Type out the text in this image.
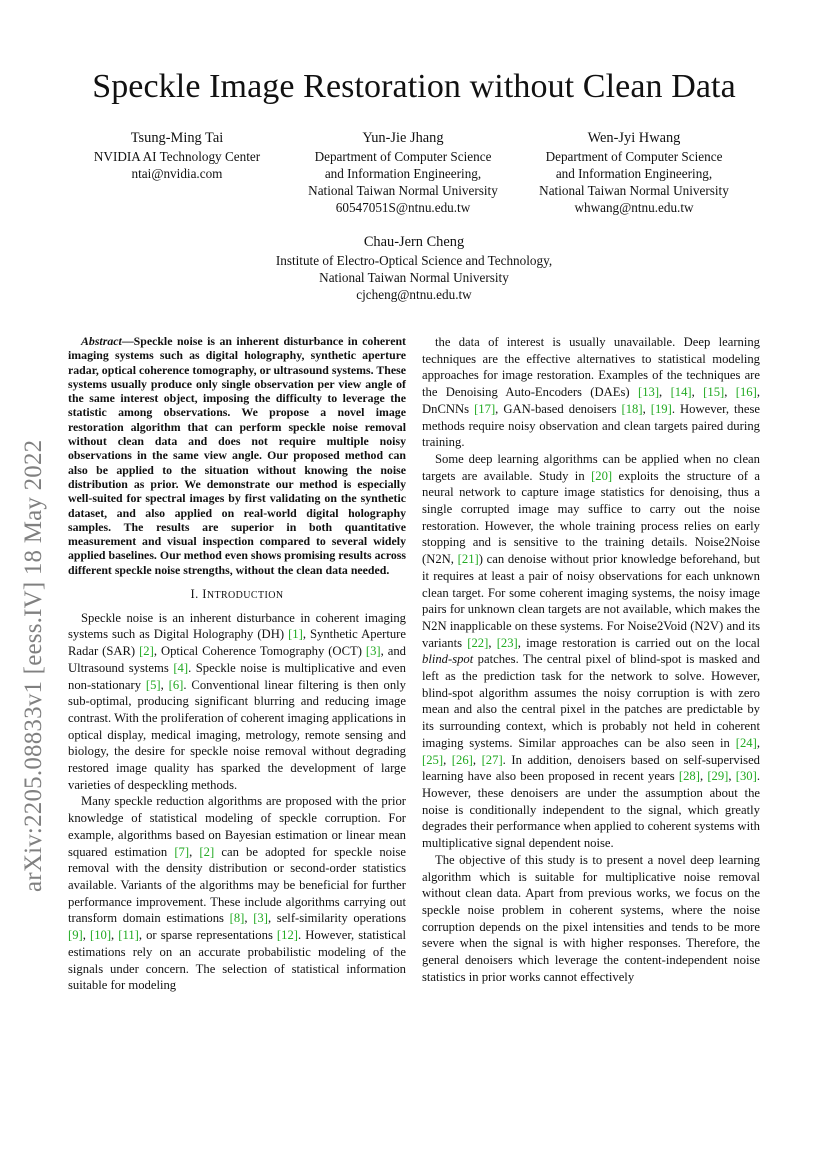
Speckle Image Restoration without Clean Data
Tsung-Ming Tai
NVIDIA AI Technology Center
ntai@nvidia.com
Yun-Jie Jhang
Department of Computer Science
and Information Engineering,
National Taiwan Normal University
60547051S@ntnu.edu.tw
Wen-Jyi Hwang
Department of Computer Science
and Information Engineering,
National Taiwan Normal University
whwang@ntnu.edu.tw
Chau-Jern Cheng
Institute of Electro-Optical Science and Technology,
National Taiwan Normal University
cjcheng@ntnu.edu.tw
arXiv:2205.08833v1 [eess.IV] 18 May 2022

Abstract—Speckle noise is an inherent disturbance in coherent imaging systems such as digital holography, synthetic aperture radar, optical coherence tomography, or ultrasound systems. These systems usually produce only single observation per view angle of the same interest object, imposing the difficulty to leverage the statistic among observations. We propose a novel image restoration algorithm that can perform speckle noise removal without clean data and does not require multiple noisy observations in the same view angle. Our proposed method can also be applied to the situation without knowing the noise distribution as prior. We demonstrate our method is especially well-suited for spectral images by first validating on the synthetic dataset, and also applied on real-world digital holography samples. The results are superior in both quantitative measurement and visual inspection compared to several widely applied baselines. Our method even shows promising results across different speckle noise strengths, without the clean data needed.

I. INTRODUCTION

Speckle noise is an inherent disturbance in coherent imaging systems such as Digital Holography (DH) [1], Synthetic Aperture Radar (SAR) [2], Optical Coherence Tomography (OCT) [3], and Ultrasound systems [4]. Speckle noise is multiplicative and even non-stationary [5], [6]. Conventional linear filtering is then only sub-optimal, producing significant blurring and reducing image contrast. With the proliferation of coherent imaging applications in optical display, medical imaging, metrology, remote sensing and biology, the desire for speckle noise removal without degrading restored image quality has sparked the development of large varieties of despeckling methods.

Many speckle reduction algorithms are proposed with the prior knowledge of statistical modeling of speckle corruption. For example, algorithms based on Bayesian estimation or linear mean squared estimation [7], [2] can be adopted for speckle noise removal with the density distribution or second-order statistics available. Variants of the algorithms may be beneficial for further performance improvement. These include algorithms carrying out transform domain estimations [8], [3], self-similarity operations [9], [10], [11], or sparse representations [12]. However, statistical estimations rely on an accurate probabilistic modeling of the signals under concern. The selection of statistical information suitable for modeling

the data of interest is usually unavailable. Deep learning techniques are the effective alternatives to statistical modeling approaches for image restoration. Examples of the techniques are the Denoising Auto-Encoders (DAEs) [13], [14], [15], [16], DnCNNs [17], GAN-based denoisers [18], [19]. However, these methods require noisy observation and clean targets paired during training.

Some deep learning algorithms can be applied when no clean targets are available. Study in [20] exploits the structure of a neural network to capture image statistics for denoising, thus a single corrupted image may suffice to carry out the noise restoration. However, the whole training process relies on early stopping and is sensitive to the training details. Noise2Noise (N2N, [21]) can denoise without prior knowledge beforehand, but it requires at least a pair of noisy observations for each unknown clean target. For some coherent imaging systems, the noisy image pairs for unknown clean targets are not available, which makes the N2N inapplicable on these systems. For Noise2Void (N2V) and its variants [22], [23], image restoration is carried out on the local blind-spot patches. The central pixel of blind-spot is masked and left as the prediction task for the network to solve. However, blind-spot algorithm assumes the noisy corruption is with zero mean and also the central pixel in the patches are predictable by its surrounding context, which is probably not held in coherent imaging systems. Similar approaches can be also seen in [24], [25], [26], [27]. In addition, denoisers based on self-supervised learning have also been proposed in recent years [28], [29], [30]. However, these denoisers are under the assumption about the noise is conditionally independent to the signal, which greatly degrades their performance when applied to coherent systems with multiplicative signal dependent noise.

The objective of this study is to present a novel deep learning algorithm which is suitable for multiplicative noise removal without clean data. Apart from previous works, we focus on the speckle noise problem in coherent systems, where the noise corruption depends on the pixel intensities and tends to be more severe when the signal is with higher responses. Therefore, the general denoisers which leverage the content-independent noise statistics in prior works cannot effectively
